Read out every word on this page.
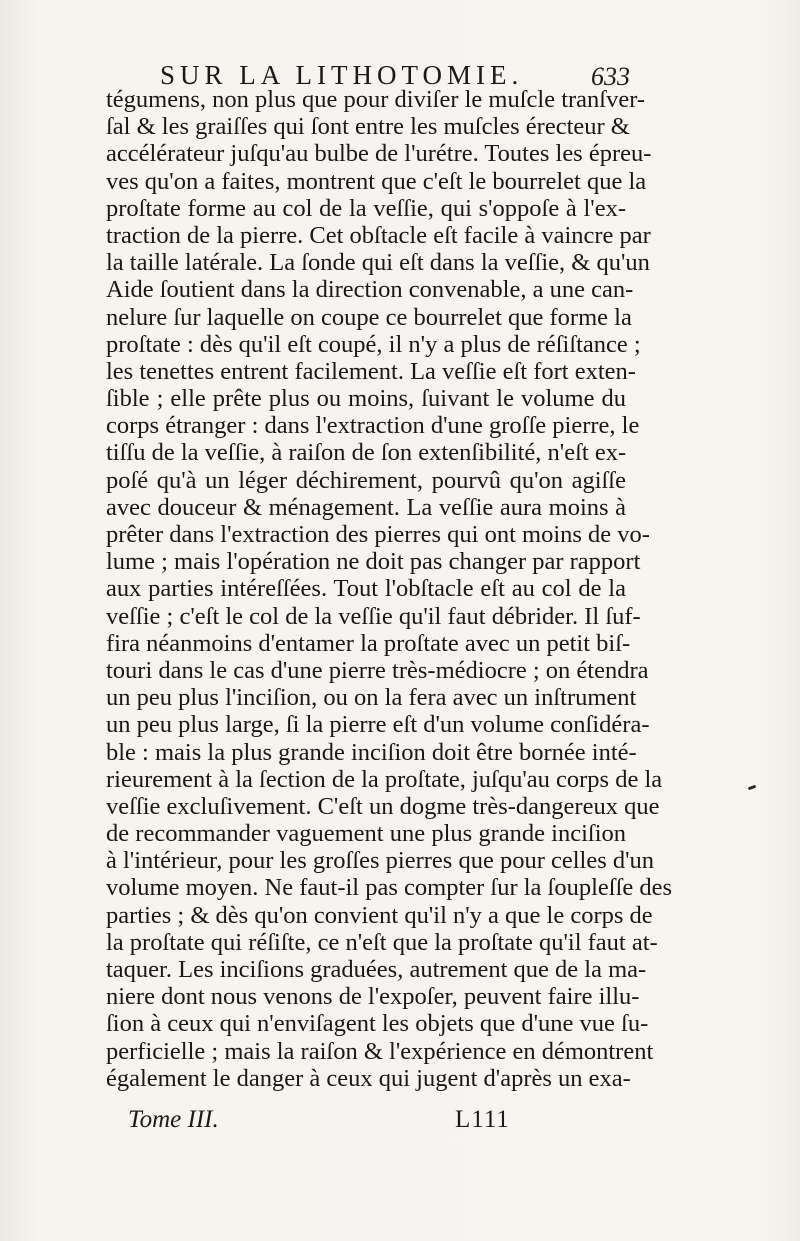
SUR LA LITHOTOMIE.	633
tégumens, non plus que pour diviſer le muſcle tranſver-
ſal & les graiſſes qui ſont entre les muſcles érecteur &
accélérateur juſqu'au bulbe de l'urétre. Toutes les épreu-
ves qu'on a faites, montrent que c'eſt le bourrelet que la
proſtate forme au col de la veſſie, qui s'oppoſe à l'ex-
traction de la pierre. Cet obſtacle eſt facile à vaincre par
la taille latérale. La ſonde qui eſt dans la veſſie, & qu'un
Aide ſoutient dans la direction convenable, a une can-
nelure ſur laquelle on coupe ce bourrelet que forme la
proſtate : dès qu'il eſt coupé, il n'y a plus de réſiſtance ;
les tenettes entrent facilement. La veſſie eſt fort exten-
ſible ; elle prête plus ou moins, ſuivant le volume du
corps étranger : dans l'extraction d'une groſſe pierre, le
tiſſu de la veſſie, à raiſon de ſon extenſibilité, n'eſt ex-
poſé qu'à un léger déchirement, pourvû qu'on agiſſe
avec douceur & ménagement. La veſſie aura moins à
prêter dans l'extraction des pierres qui ont moins de vo-
lume ; mais l'opération ne doit pas changer par rapport
aux parties intéreſſées. Tout l'obſtacle eſt au col de la
veſſie ; c'eſt le col de la veſſie qu'il faut débrider. Il ſuf-
fira néanmoins d'entamer la proſtate avec un petit biſ-
touri dans le cas d'une pierre très-médiocre ; on étendra
un peu plus l'inciſion, ou on la fera avec un inſtrument
un peu plus large, ſi la pierre eſt d'un volume conſidéra-
ble : mais la plus grande inciſion doit être bornée inté-
rieurement à la ſection de la proſtate, juſqu'au corps de la
veſſie excluſivement. C'eſt un dogme très-dangereux que
de recommander vaguement une plus grande inciſion
à l'intérieur, pour les groſſes pierres que pour celles d'un
volume moyen. Ne faut-il pas compter ſur la ſoupleſſe des
parties ; & dès qu'on convient qu'il n'y a que le corps de
la proſtate qui réſiſte, ce n'eſt que la proſtate qu'il faut at-
taquer. Les inciſions graduées, autrement que de la ma-
niere dont nous venons de l'expoſer, peuvent faire illu-
ſion à ceux qui n'enviſagent les objets que d'une vue ſu-
perficielle ; mais la raiſon & l'expérience en démontrent
également le danger à ceux qui jugent d'après un exa-
Tome III.	L111
